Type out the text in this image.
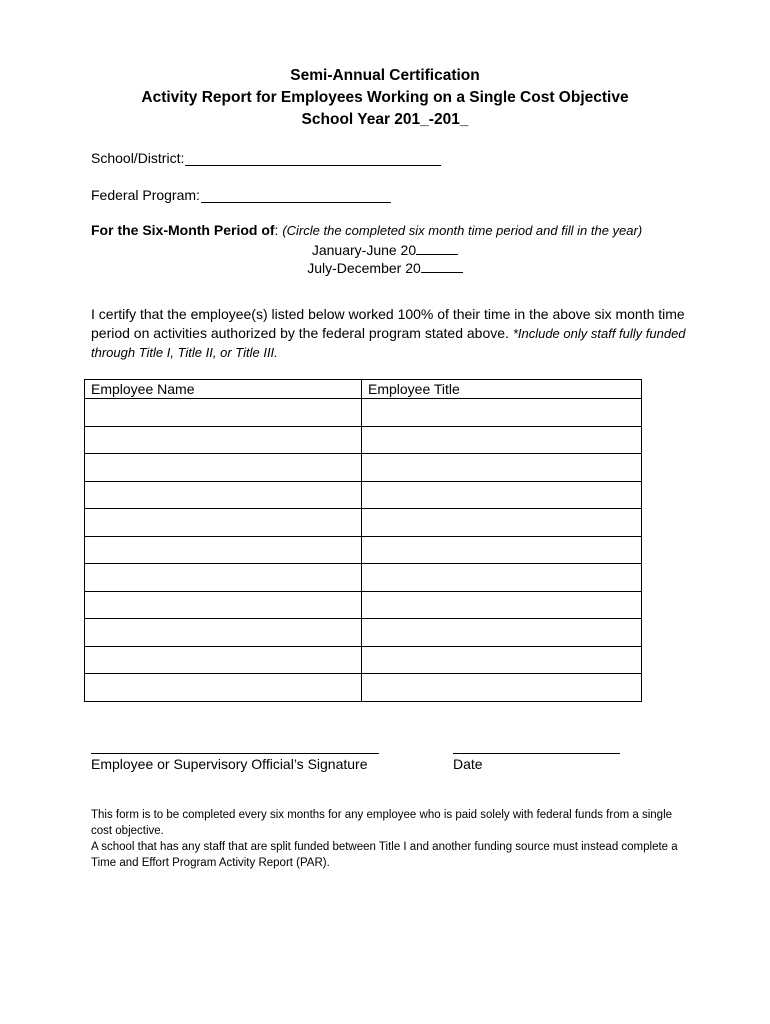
Semi-Annual Certification
Activity Report for Employees Working on a Single Cost Objective
School Year 201_-201_
School/District:
Federal Program:
For the Six-Month Period of: (Circle the completed six month time period and fill in the year)
January-June 20
July-December 20
I certify that the employee(s) listed below worked 100% of their time in the above six month time period on activities authorized by the federal program stated above. *Include only staff fully funded through Title I, Title II, or Title III.
Employee Name	Employee Title

Employee or Supervisory Official’s Signature	Date
This form is to be completed every six months for any employee who is paid solely with federal funds from a single cost objective.
A school that has any staff that are split funded between Title I and another funding source must instead complete a Time and Effort Program Activity Report (PAR).
